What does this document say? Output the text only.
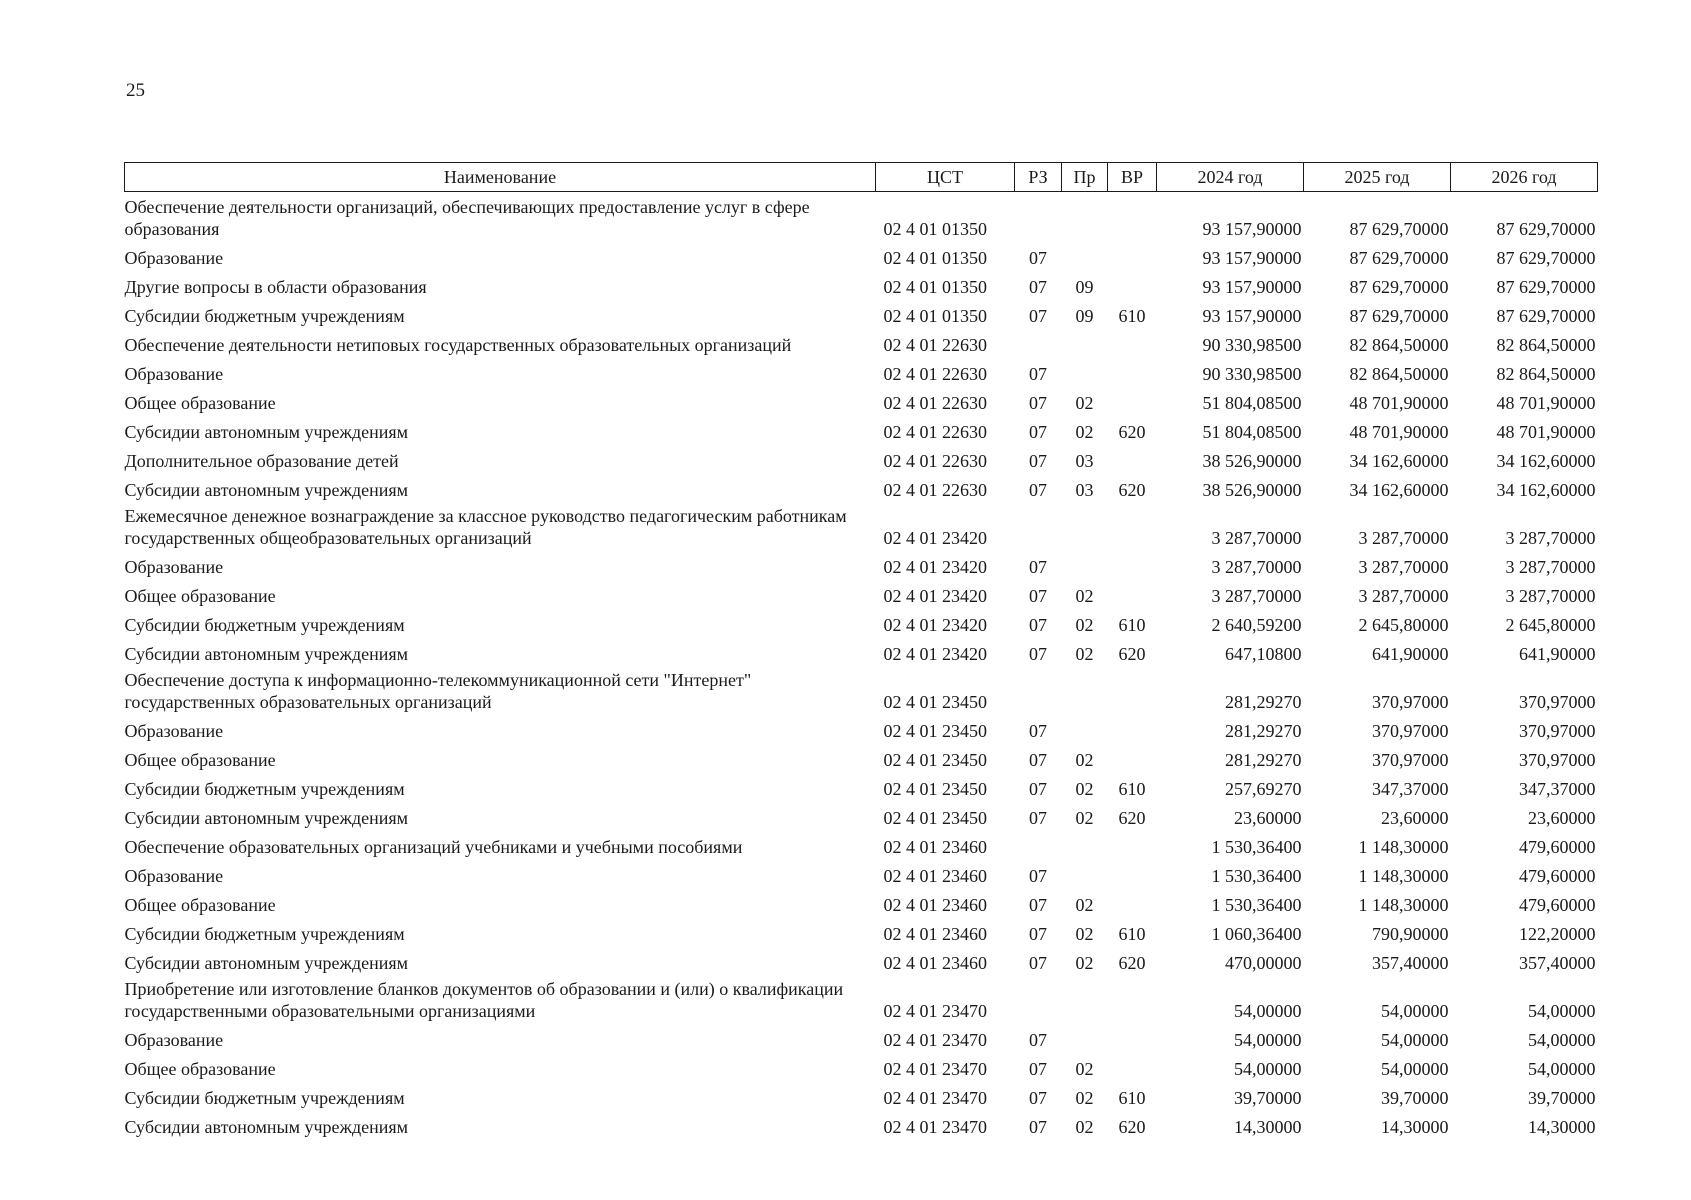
25
Наименование	ЦСТ	РЗ	Пр	ВР	2024 год	2025 год	2026 год
Обеспечение деятельности организаций, обеспечивающих предоставление услуг в сфере образования	02 4 01 01350				93 157,90000	87 629,70000	87 629,70000
Образование	02 4 01 01350	07			93 157,90000	87 629,70000	87 629,70000
Другие вопросы в области образования	02 4 01 01350	07	09		93 157,90000	87 629,70000	87 629,70000
Субсидии бюджетным учреждениям	02 4 01 01350	07	09	610	93 157,90000	87 629,70000	87 629,70000
Обеспечение деятельности нетиповых государственных образовательных организаций	02 4 01 22630				90 330,98500	82 864,50000	82 864,50000
Образование	02 4 01 22630	07			90 330,98500	82 864,50000	82 864,50000
Общее образование	02 4 01 22630	07	02		51 804,08500	48 701,90000	48 701,90000
Субсидии автономным учреждениям	02 4 01 22630	07	02	620	51 804,08500	48 701,90000	48 701,90000
Дополнительное образование детей	02 4 01 22630	07	03		38 526,90000	34 162,60000	34 162,60000
Субсидии автономным учреждениям	02 4 01 22630	07	03	620	38 526,90000	34 162,60000	34 162,60000
Ежемесячное денежное вознаграждение за классное руководство педагогическим работникам государственных общеобразовательных организаций	02 4 01 23420				3 287,70000	3 287,70000	3 287,70000
Образование	02 4 01 23420	07			3 287,70000	3 287,70000	3 287,70000
Общее образование	02 4 01 23420	07	02		3 287,70000	3 287,70000	3 287,70000
Субсидии бюджетным учреждениям	02 4 01 23420	07	02	610	2 640,59200	2 645,80000	2 645,80000
Субсидии автономным учреждениям	02 4 01 23420	07	02	620	647,10800	641,90000	641,90000
Обеспечение доступа к информационно-телекоммуникационной сети "Интернет" государственных образовательных организаций	02 4 01 23450				281,29270	370,97000	370,97000
Образование	02 4 01 23450	07			281,29270	370,97000	370,97000
Общее образование	02 4 01 23450	07	02		281,29270	370,97000	370,97000
Субсидии бюджетным учреждениям	02 4 01 23450	07	02	610	257,69270	347,37000	347,37000
Субсидии автономным учреждениям	02 4 01 23450	07	02	620	23,60000	23,60000	23,60000
Обеспечение образовательных организаций учебниками и учебными пособиями	02 4 01 23460				1 530,36400	1 148,30000	479,60000
Образование	02 4 01 23460	07			1 530,36400	1 148,30000	479,60000
Общее образование	02 4 01 23460	07	02		1 530,36400	1 148,30000	479,60000
Субсидии бюджетным учреждениям	02 4 01 23460	07	02	610	1 060,36400	790,90000	122,20000
Субсидии автономным учреждениям	02 4 01 23460	07	02	620	470,00000	357,40000	357,40000
Приобретение или изготовление бланков документов об образовании и (или) о квалификации государственными образовательными организациями	02 4 01 23470				54,00000	54,00000	54,00000
Образование	02 4 01 23470	07			54,00000	54,00000	54,00000
Общее образование	02 4 01 23470	07	02		54,00000	54,00000	54,00000
Субсидии бюджетным учреждениям	02 4 01 23470	07	02	610	39,70000	39,70000	39,70000
Субсидии автономным учреждениям	02 4 01 23470	07	02	620	14,30000	14,30000	14,30000
